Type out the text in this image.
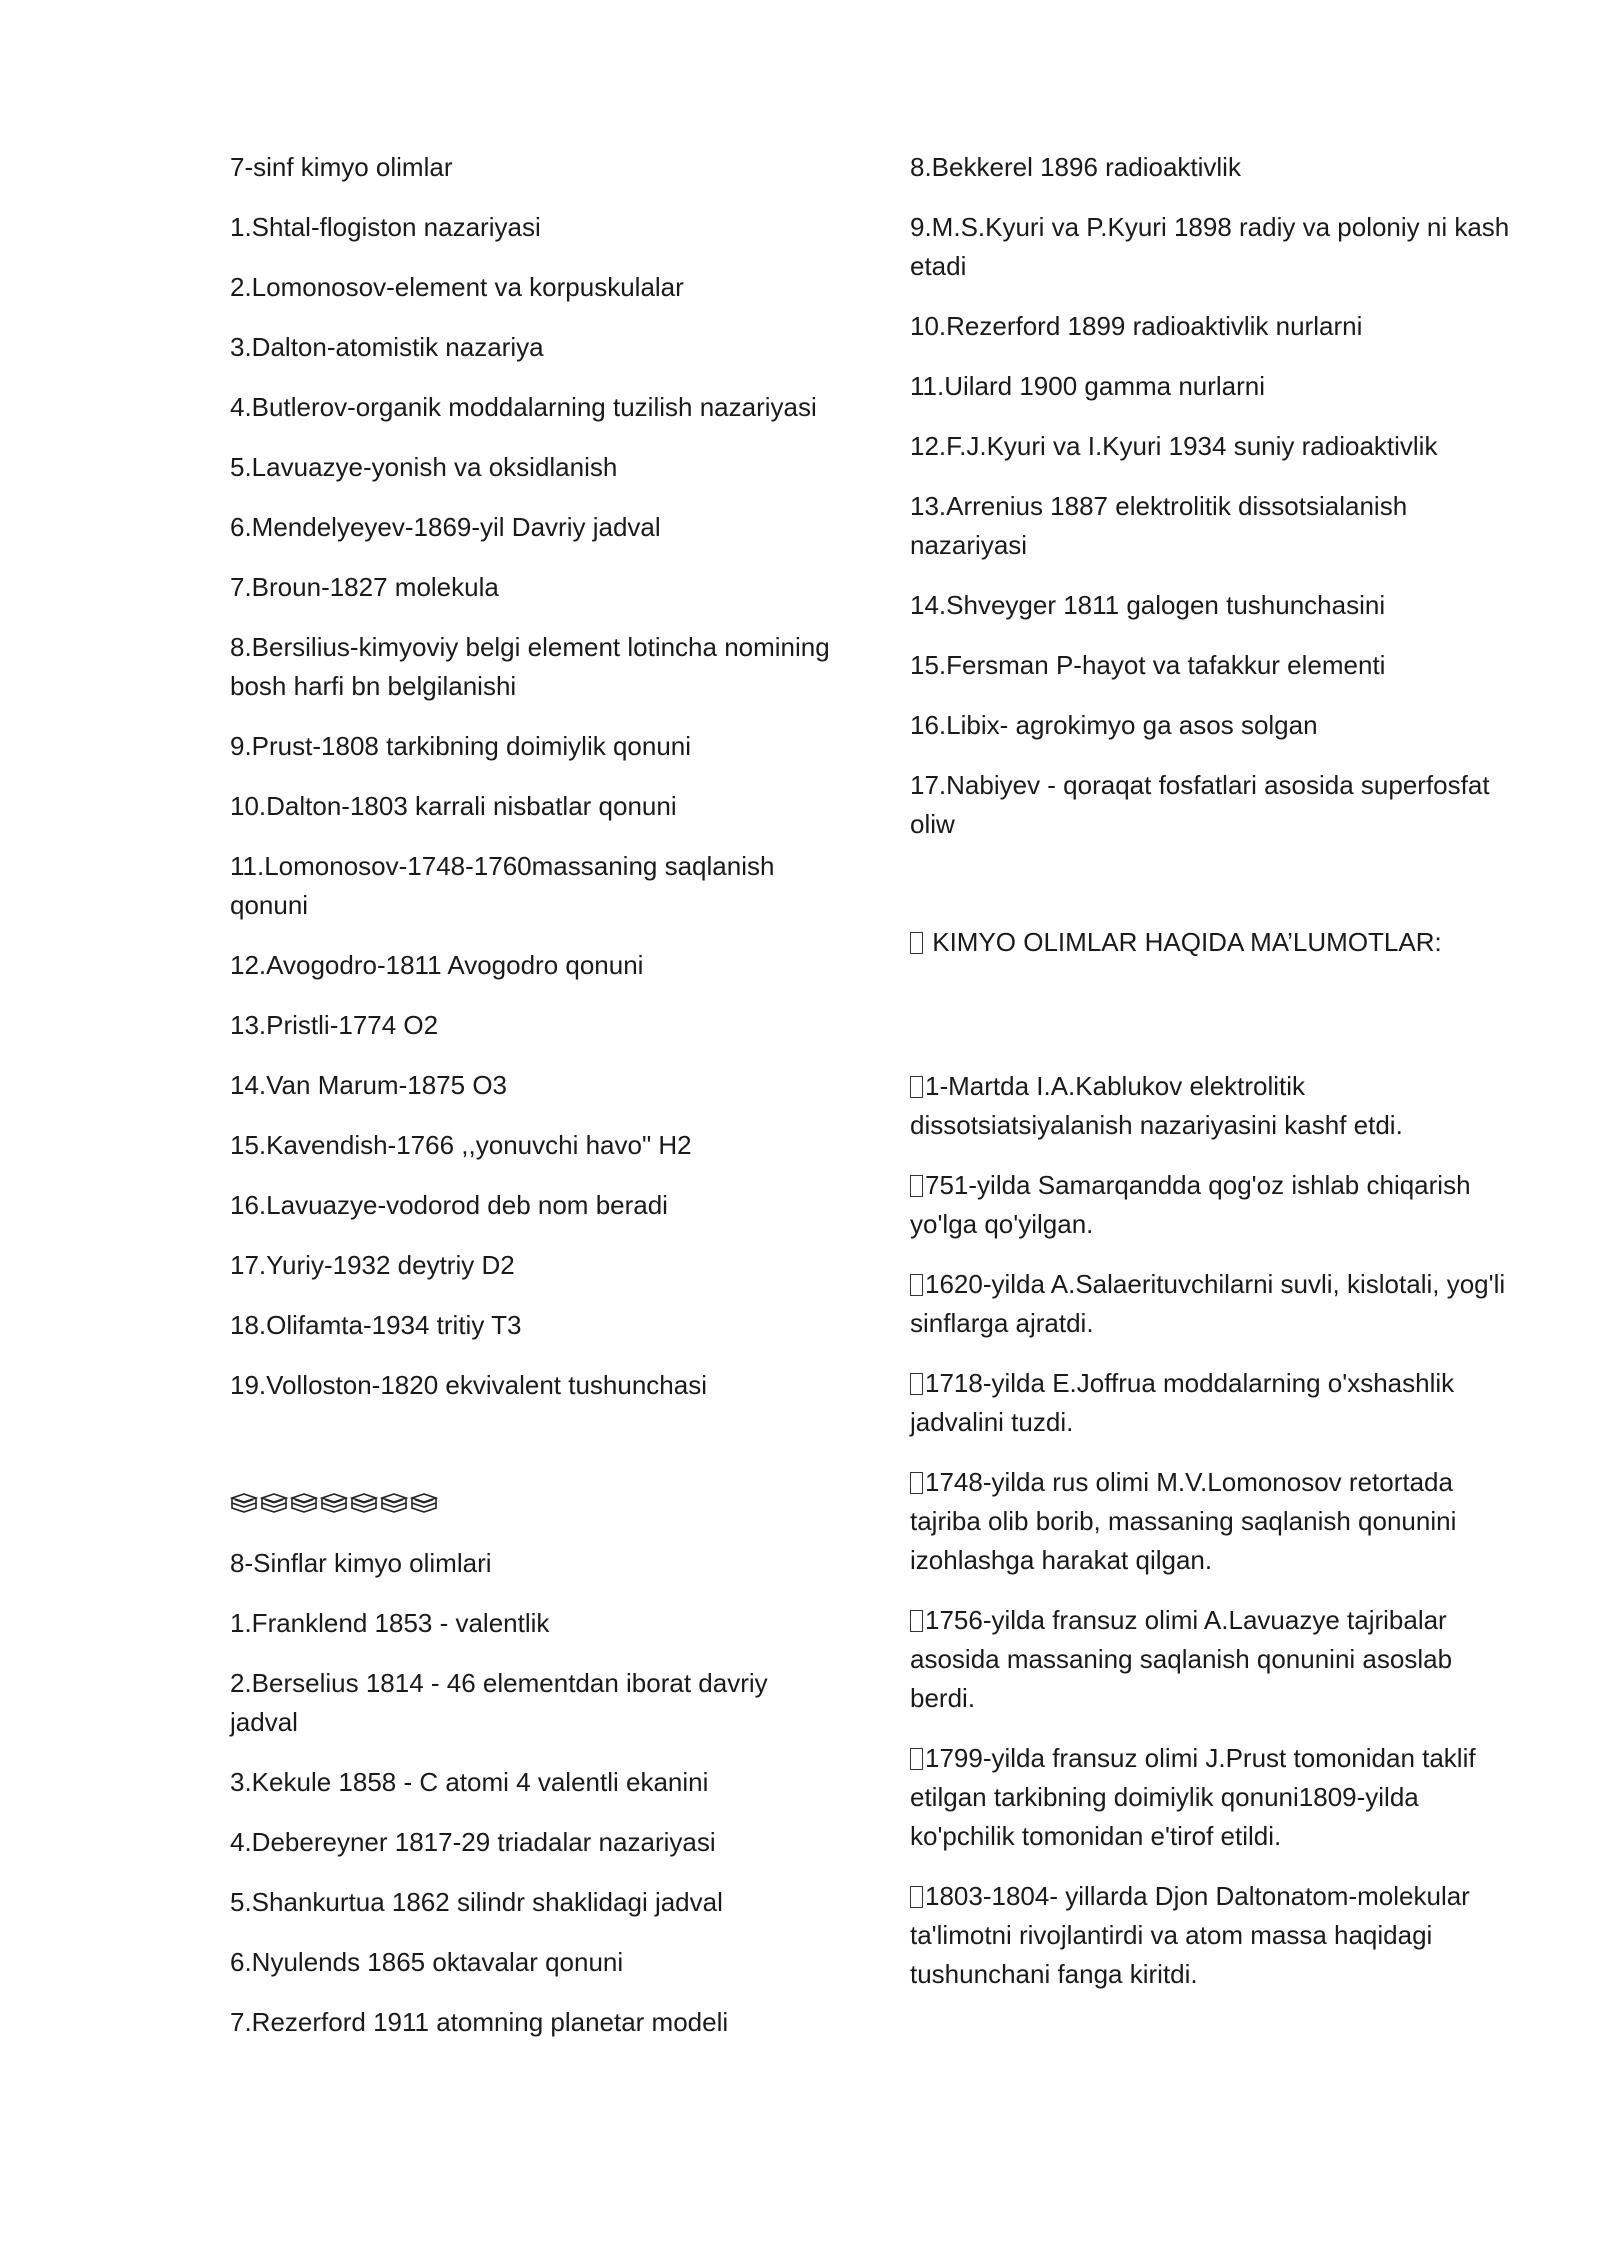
7-sinf kimyo olimlar

1.Shtal-flogiston nazariyasi

2.Lomonosov-element va korpuskulalar

3.Dalton-atomistik nazariya

4.Butlerov-organik moddalarning tuzilish nazariyasi

5.Lavuazye-yonish va oksidlanish

6.Mendelyeyev-1869-yil Davriy jadval

7.Broun-1827 molekula

8.Bersilius-kimyoviy belgi element lotincha nomining bosh harfi bn belgilanishi

9.Prust-1808 tarkibning doimiylik qonuni

10.Dalton-1803 karrali nisbatlar qonuni

11.Lomonosov-1748-1760massaning saqlanish qonuni

12.Avogodro-1811 Avogodro qonuni

13.Pristli-1774 O2

14.Van Marum-1875 O3

15.Kavendish-1766 ,,yonuvchi havo" H2

16.Lavuazye-vodorod deb nom beradi

17.Yuriy-1932 deytriy D2

18.Olifamta-1934 tritiy T3

19.Volloston-1820 ekvivalent tushunchasi

8-Sinflar kimyo olimlari

1.Franklend 1853 - valentlik

2.Berselius 1814 - 46 elementdan iborat davriy jadval

3.Kekule 1858 - C atomi 4 valentli ekanini

4.Debereyner 1817-29 triadalar nazariyasi

5.Shankurtua 1862 silindr shaklidagi jadval

6.Nyulends 1865 oktavalar qonuni

7.Rezerford 1911 atomning planetar modeli

8.Bekkerel 1896 radioaktivlik

9.M.S.Kyuri va P.Kyuri 1898 radiy va poloniy ni kash etadi

10.Rezerford 1899 radioaktivlik nurlarni

11.Uilard 1900 gamma nurlarni

12.F.J.Kyuri va I.Kyuri 1934 suniy radioaktivlik

13.Arrenius 1887 elektrolitik dissotsialanish nazariyasi

14.Shveyger 1811 galogen tushunchasini

15.Fersman P-hayot va tafakkur elementi

16.Libix- agrokimyo ga asos solgan

17.Nabiyev - qoraqat fosfatlari asosida superfosfat oliw

KIMYO OLIMLAR HAQIDA MA’LUMOTLAR:

1-Martda I.A.Kablukov elektrolitik dissotsiatsiyalanish nazariyasini kashf etdi.

751-yilda Samarqandda qog'oz ishlab chiqarish yo'lga qo'yilgan.

1620-yilda A.Salaerituvchilarni suvli, kislotali, yog'li sinflarga ajratdi.

1718-yilda E.Joffrua moddalarning o'xshashlik jadvalini tuzdi.

1748-yilda rus olimi M.V.Lomonosov retortada tajriba olib borib, massaning saqlanish qonunini izohlashga harakat qilgan.

1756-yilda fransuz olimi A.Lavuazye tajribalar asosida massaning saqlanish qonunini asoslab berdi.

1799-yilda fransuz olimi J.Prust tomonidan taklif etilgan tarkibning doimiylik qonuni1809-yilda ko'pchilik tomonidan e'tirof etildi.

1803-1804- yillarda Djon Daltonatom-molekular ta'limotni rivojlantirdi va atom massa haqidagi tushunchani fanga kiritdi.
